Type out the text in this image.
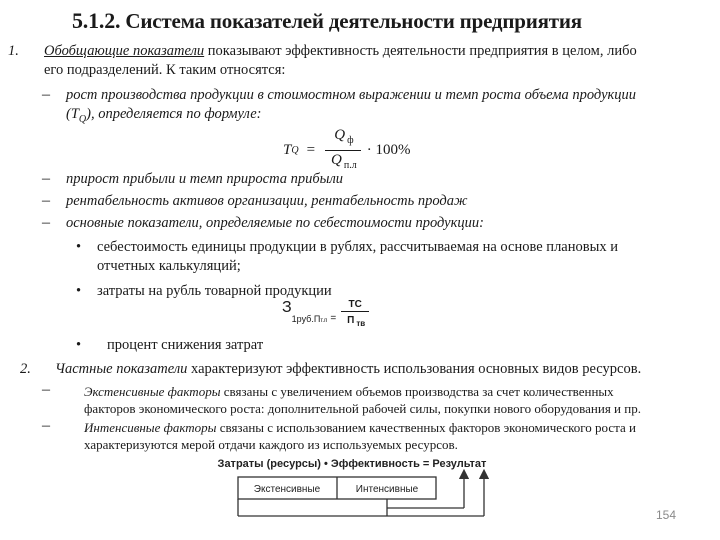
5.1.2. Система показателей деятельности предприятия
1. Обобщающие показатели показывают эффективность деятельности предприятия в целом, либо
его подразделений. К таким относятся:
– рост производства продукции в стоимостном выражении и темп роста объема продукции
$(T_Q)$, определяется по формуле:
T $Q = \frac{Q _ф}{Q _{п.л}} \cdot 100\%$
– прирост прибыли и темп прироста прибыли
– рентабельность активов организации, рентабельность продаж
– основные показатели, определяемые по себестоимости продукции:
• себестоимость единицы продукции в рублях, рассчитываемая на основе плановых и
отчетных калькуляций;
• затраты на рубль товарной продукции
З
1руб.П $т.п = \frac{ТС}{П _{тв}}$
• процент снижения затрат
2. Частные показатели характеризуют эффективность использования основных видов ресурсов.
–	Экстенсивные факторы связаны с увеличением объемов производства за счет количественных
факторов экономического роста: дополнительной рабочей силы, покупки нового оборудования и пр.
–	Интенсивные факторы связаны с использованием качественных факторов экономического роста и
характеризуются мерой отдачи каждого из используемых ресурсов.
Затраты (ресурсы) • Эффективность = Результат
Экстенсивные	Интенсивные
154
